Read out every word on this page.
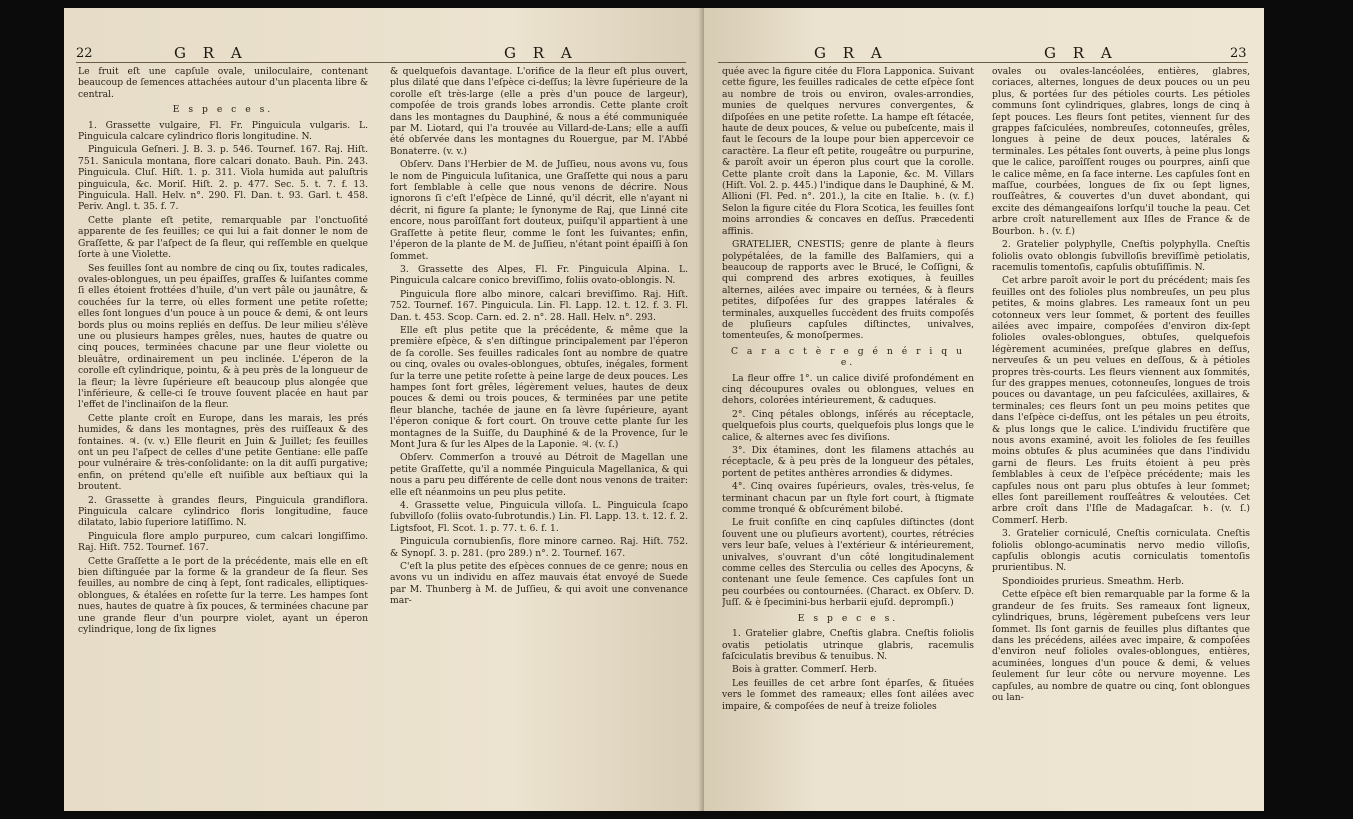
22	G R A	G R A

Le fruit eſt une capſule ovale, uniloculaire, contenant beaucoup de ſemences attachées autour d'un placenta libre & central.

E s p e c e s.

1. Grassette vulgaire, Fl. Fr. Pinguicula vulgaris. L. Pinguicula calcare cylindrico floris longitudine. N.

Pinguicula Geſneri. J. B. 3. p. 546. Tournef. 167. Raj. Hiſt. 751. Sanicula montana, flore calcari donato. Bauh. Pin. 243. Pinguicula. Cluſ. Hiſt. 1. p. 311. Viola humida aut paluſtris pinguicula, &c. Moriſ. Hiſt. 2. p. 477. Sec. 5. t. 7. f. 13. Pinguicula. Hall. Helv. n°. 290. Fl. Dan. t. 93. Garl. t. 458. Periv. Angl. t. 35. f. 7.

Cette plante eſt petite, remarquable par l'onctuoſité apparente de ſes feuilles; ce qui lui a fait donner le nom de Graſſette, & par l'aſpect de ſa fleur, qui reſſemble en quelque ſorte à une Violette.

Ses feuilles ſont au nombre de cinq ou ſix, toutes radicales, ovales-oblongues, un peu épaiſſes, graſſes & luiſantes comme ſi elles étoient frottées d'huile, d'un vert pâle ou jaunâtre, & couchées ſur la terre, où elles forment une petite roſette; elles ſont longues d'un pouce à un pouce & demi, & ont leurs bords plus ou moins repliés en deſſus. De leur milieu s'élève une ou plusieurs hampes grêles, nues, hautes de quatre ou cinq pouces, terminées chacune par une fleur violette ou bleuâtre, ordinairement un peu inclinée. L'éperon de la corolle eſt cylindrique, pointu, & à peu près de la longueur de la fleur; la lèvre ſupérieure eſt beaucoup plus alongée que l'inférieure, & celle-ci ſe trouve ſouvent placée en haut par l'effet de l'inclinaiſon de la fleur.

Cette plante croît en Europe, dans les marais, les prés humides, & dans les montagnes, près des ruiſſeaux & des fontaines. ♃. (v. v.) Elle fleurit en Juin & Juillet; ſes feuilles ont un peu l'aſpect de celles d'une petite Gentiane: elle paſſe pour vulnéraire & très-conſolidante: on la dit auſſi purgative; enfin, on prétend qu'elle eſt nuiſible aux beſtiaux qui la broutent.

2. Grassette à grandes fleurs, Pinguicula grandiflora. Pinguicula calcare cylindrico floris longitudine, fauce dilatato, labio ſuperiore latiſſimo. N.

Pinguicula flore amplo purpureo, cum calcari longiſſimo. Raj. Hiſt. 752. Tournef. 167.

Cette Graſſette a le port de la précédente, mais elle en eſt bien diſtinguée par la forme & la grandeur de ſa fleur. Ses feuilles, au nombre de cinq à ſept, ſont radicales, elliptiques-oblongues, & étalées en roſette ſur la terre. Les hampes ſont nues, hautes de quatre à ſix pouces, & terminées chacune par une grande fleur d'un pourpre violet, ayant un éperon cylindrique, long de ſix lignes

& quelquefois davantage. L'orifice de la fleur eſt plus ouvert, plus dilaté que dans l'eſpèce ci-deſſus; la lèvre ſupérieure de la corolle eſt très-large (elle a près d'un pouce de largeur), compoſée de trois grands lobes arrondis. Cette plante croît dans les montagnes du Dauphiné, & nous a été communiquée par M. Liotard, qui l'a trouvée au Villard-de-Lans; elle a auſſi été obſervée dans les montagnes du Rouergue, par M. l'Abbé Bonaterre. (v. v.)

Obſerv. Dans l'Herbier de M. de Juſſieu, nous avons vu, ſous le nom de Pinguicula luſitanica, une Graſſette qui nous a paru fort ſemblable à celle que nous venons de décrire. Nous ignorons ſi c'eſt l'eſpèce de Linné, qu'il décrit, elle n'ayant ni décrit, ni figure ſa plante; le ſynonyme de Raj, que Linné cite encore, nous paroîſſant fort douteux, puiſqu'il appartient à une Graſſette à petite fleur, comme le ſont les ſuivantes; enfin, l'éperon de la plante de M. de Juſſieu, n'étant point épaiſſi à ſon ſommet.

3. Grassette des Alpes, Fl. Fr. Pinguicula Alpina. L. Pinguicula calcare conico breviſſimo, foliis ovato-oblongis. N.

Pinguicula flore albo minore, calcari breviſſimo. Raj. Hiſt. 752. Tournef. 167. Pinguicula. Lin. Fl. Lapp. 12. t. 12. f. 3. Fl. Dan. t. 453. Scop. Carn. ed. 2. n°. 28. Hall. Helv. n°. 293.

Elle eſt plus petite que la précédente, & même que la première eſpèce, & s'en diſtingue principalement par l'éperon de ſa corolle. Ses feuilles radicales ſont au nombre de quatre ou cinq, ovales ou ovales-oblongues, obtuſes, inégales, forment ſur la terre une petite roſette à peine large de deux pouces. Les hampes ſont fort grêles, légèrement velues, hautes de deux pouces & demi ou trois pouces, & terminées par une petite fleur blanche, tachée de jaune en ſa lèvre ſupérieure, ayant l'éperon conique & fort court. On trouve cette plante ſur les montagnes de la Suiſſe, du Dauphiné & de la Provence, ſur le Mont Jura & ſur les Alpes de la Laponie. ♃. (v. ſ.)

Obſerv. Commerſon a trouvé au Détroit de Magellan une petite Graſſette, qu'il a nommée Pinguicula Magellanica, & qui nous a paru peu différente de celle dont nous venons de traiter: elle eſt néanmoins un peu plus petite.

4. Grassette velue, Pinguicula villoſa. L. Pinguicula ſcapo ſubvilloſo (foliis ovato-ſubrotundis.) Lin. Fl. Lapp. 13. t. 12. f. 2. Ligtsfoot, Fl. Scot. 1. p. 77. t. 6. f. 1.

Pinguicula cornubienſis, flore minore carneo. Raj. Hiſt. 752. & Synopſ. 3. p. 281. (pro 289.) n°. 2. Tournef. 167.

C'eſt la plus petite des eſpèces connues de ce genre; nous en avons vu un individu en aſſez mauvais état envoyé de Suede par M. Thunberg à M. de Juſſieu, & qui avoit une convenance mar-

G R A	G R A	23

quée avec la figure citée du Flora Lapponica. Suivant cette figure, les feuilles radicales de cette eſpèce ſont au nombre de trois ou environ, ovales-arrondies, munies de quelques nervures convergentes, & diſpoſées en une petite roſette. La hampe eſt ſétacée, haute de deux pouces, & velue ou pubeſcente, mais il faut le ſecours de la loupe pour bien appercevoir ce caractère. La fleur eſt petite, rougeâtre ou purpurine, & paroît avoir un éperon plus court que la corolle. Cette plante croît dans la Laponie, &c. M. Villars (Hiſt. Vol. 2. p. 445.) l'indique dans le Dauphiné, & M. Allioni (Fl. Ped. n°. 201.), la cite en Italie. ♄. (v. f.) Selon la figure citée du Flora Scotica, les feuilles ſont moins arrondies & concaves en deſſus. Præcedenti affinis.

GRATELIER, CNESTIS; genre de plante à fleurs polypétalées, de la famille des Balſamiers, qui a beaucoup de rapports avec le Brucé, le Coſſigni, & qui comprend des arbres exotiques, à feuilles alternes, ailées avec impaire ou ternées, & à fleurs petites, diſpoſées ſur des grappes latérales & terminales, auxquelles ſuccèdent des fruits compoſés de pluſieurs capſules diſtinctes, univalves, tomenteuſes, & monoſpermes.

C a r a c t è r e g é n é r i q u e.

La fleur offre 1°. un calice diviſé profondément en cinq découpures ovales ou oblongues, velues en dehors, colorées intérieurement, & caduques.

2°. Cinq pétales oblongs, inſérés au réceptacle, quelquefois plus courts, quelquefois plus longs que le calice, & alternes avec ſes diviſions.

3°. Dix étamines, dont les filamens attachés au réceptacle, & à peu près de la longueur des pétales, portent de petites anthères arrondies & didymes.

4°. Cinq ovaires ſupérieurs, ovales, très-velus, ſe terminant chacun par un ſtyle fort court, à ſtigmate comme tronqué & obſcurément bilobé.

Le fruit conſiſte en cinq capſules diſtinctes (dont ſouvent une ou pluſieurs avortent), courtes, rétrécies vers leur baſe, velues à l'extérieur & intérieurement, univalves, s'ouvrant d'un côté longitudinalement comme celles des Sterculia ou celles des Apocyns, & contenant une ſeule ſemence. Ces capſules ſont un peu courbées ou contournées. (Charact. ex Obſerv. D. Juſſ. & è ſpecimini-bus herbarii ejuſd. deprompſi.)

E s p e c e s.

1. Gratelier glabre, Cneſtis glabra. Cneſtis foliolis ovatis petiolatis utrinque glabris, racemulis faſciculatis brevibus & tenuibus. N.

Bois à gratter. Commerſ. Herb.

Les feuilles de cet arbre ſont éparſes, & ſituées vers le ſommet des rameaux; elles ſont ailées avec impaire, & compoſées de neuf à treize folioles

ovales ou ovales-lancéolées, entières, glabres, coriaces, alternes, longues de deux pouces ou un peu plus, & portées ſur des pétioles courts. Les pétioles communs ſont cylindriques, glabres, longs de cinq à ſept pouces. Les fleurs ſont petites, viennent ſur des grappes faſciculées, nombreuſes, cotonneuſes, grêles, longues à peine de deux pouces, latérales & terminales. Les pétales ſont ouverts, à peine plus longs que le calice, paroîſſent rouges ou pourpres, ainſi que le calice même, en ſa face interne. Les capſules ſont en maſſue, courbées, longues de ſix ou ſept lignes, rouſſeâtres, & couvertes d'un duvet abondant, qui excite des démangeaiſons lorſqu'il touche la peau. Cet arbre croît naturellement aux Iſles de France & de Bourbon. ♄. (v. f.)

2. Gratelier polyphylle, Cneſtis polyphylla. Cneſtis foliolis ovato oblongis ſubvilloſis breviſſimè petiolatis, racemulis tomentoſis, capſulis obtuſiſſimis. N.

Cet arbre paroît avoir le port du précédent; mais ſes feuilles ont des folioles plus nombreuſes, un peu plus petites, & moins glabres. Les rameaux ſont un peu cotonneux vers leur ſommet, & portent des feuilles ailées avec impaire, compoſées d'environ dix-ſept folioles ovales-oblongues, obtuſes, quelquefois légèrement acuminées, preſque glabres en deſſus, nerveuſes & un peu velues en deſſous, & à pétioles propres très-courts. Les fleurs viennent aux ſommités, ſur des grappes menues, cotonneuſes, longues de trois pouces ou davantage, un peu faſciculées, axillaires, & terminales; ces fleurs ſont un peu moins petites que dans l'eſpèce ci-deſſus, ont les pétales un peu étroits, & plus longs que le calice. L'individu fructifère que nous avons examiné, avoit les folioles de ſes feuilles moins obtuſes & plus acuminées que dans l'individu garni de fleurs. Les fruits étoient à peu près ſemblables à ceux de l'eſpèce précédente; mais les capſules nous ont paru plus obtuſes à leur ſommet; elles ſont pareillement rouſſeâtres & veloutées. Cet arbre croît dans l'Iſle de Madagaſcar. ♄. (v. ſ.) Commerſ. Herb.

3. Gratelier corniculé, Cneſtis corniculata. Cneſtis foliolis oblongo-acuminatis nervo medio villoſis, capſulis oblongis acutis corniculatis tomentoſis prurientibus. N.

Spondioides prurieus. Smeathm. Herb.

Cette eſpèce eſt bien remarquable par la forme & la grandeur de ſes fruits. Ses rameaux ſont ligneux, cylindriques, bruns, légèrement pubeſcens vers leur ſommet. Ils ſont garnis de feuilles plus diſtantes que dans les précédens, ailées avec impaire, & compoſées d'environ neuf folioles ovales-oblongues, entières, acuminées, longues d'un pouce & demi, & velues ſeulement ſur leur côte ou nervure moyenne. Les capſules, au nombre de quatre ou cinq, ſont oblongues ou lan-
